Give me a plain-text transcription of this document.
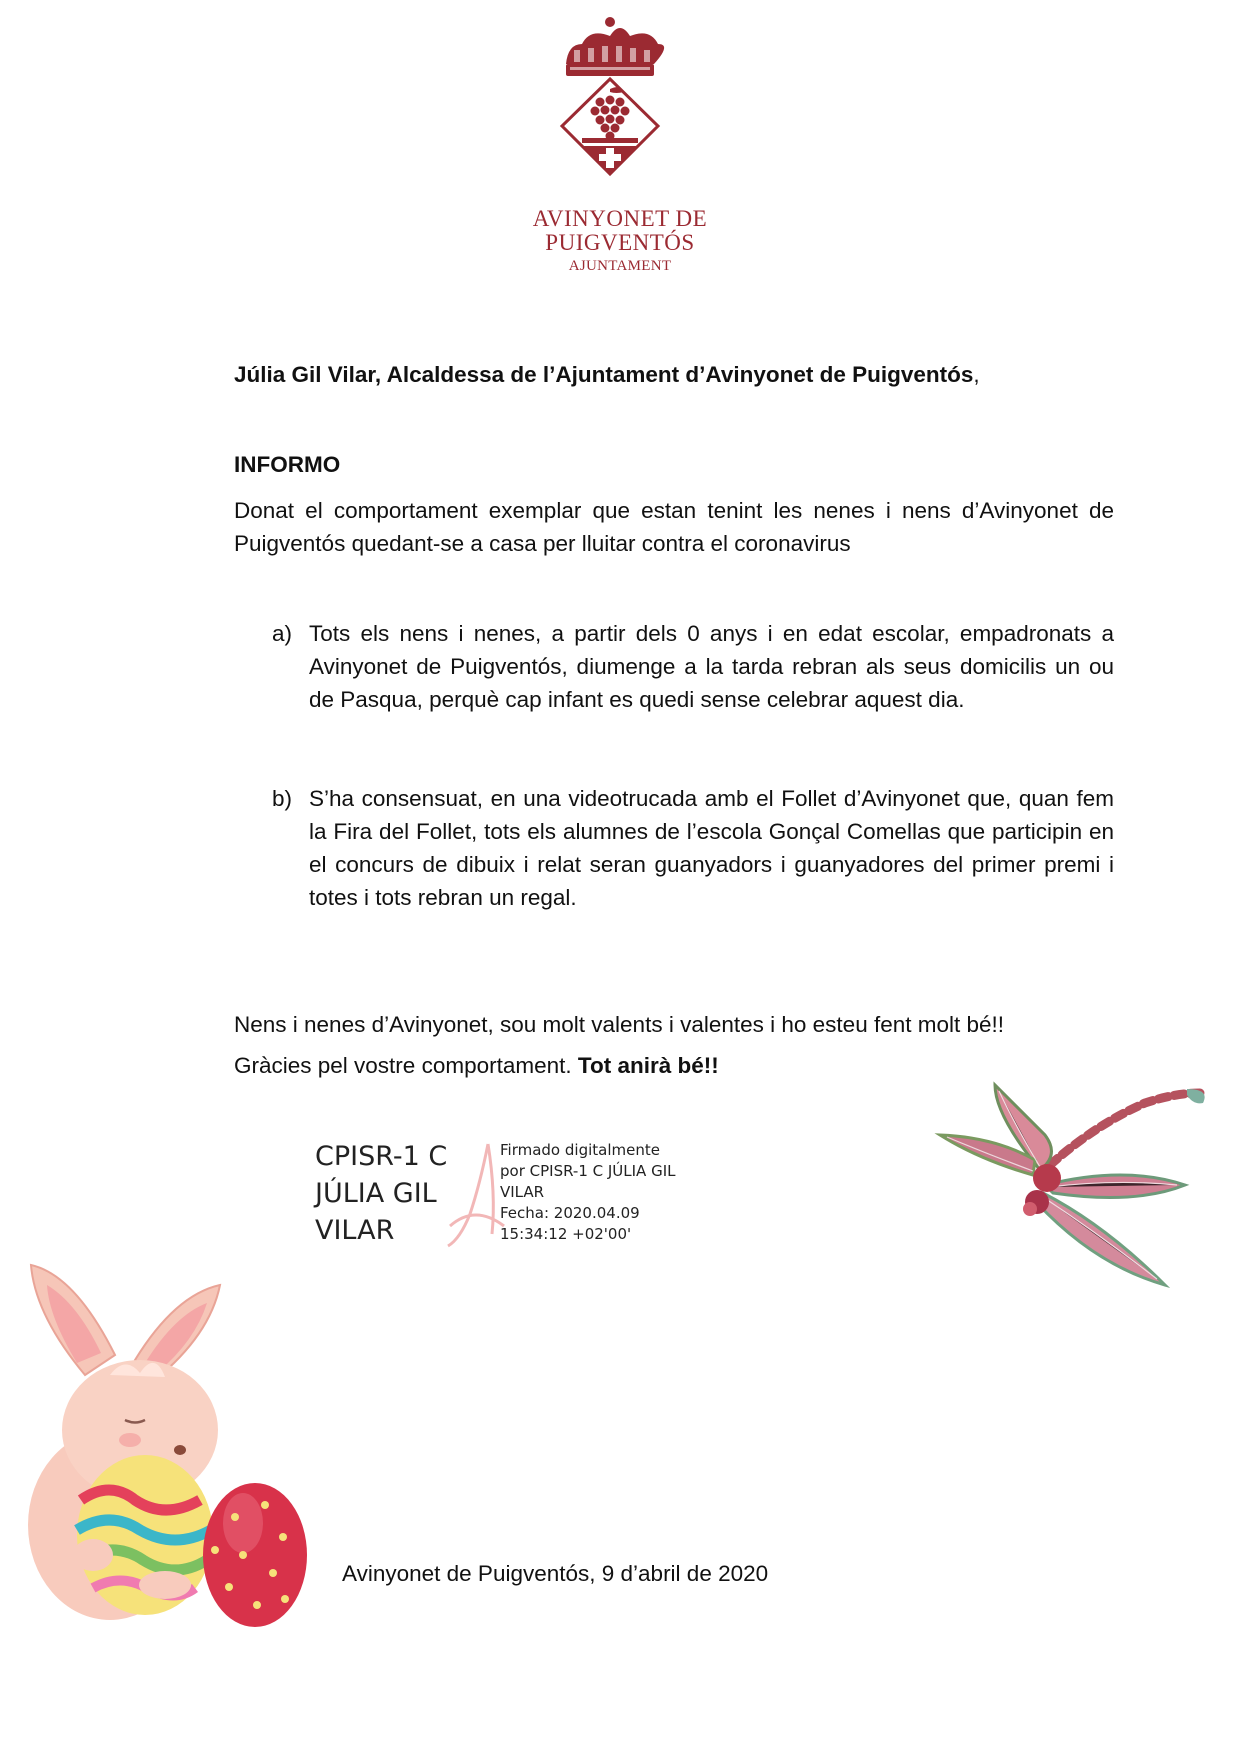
AVINYONET DE
PUIGVENTÓS
AJUNTAMENT
Júlia Gil Vilar, Alcaldessa de l’Ajuntament d’Avinyonet de Puigventós,
INFORMO
Donat el comportament exemplar que estan tenint les nenes i nens d’Avinyonet de Puigventós quedant-se a casa per lluitar contra el coronavirus
a) Tots els nens i nenes, a partir dels 0 anys i en edat escolar, empadronats a Avinyonet de Puigventós, diumenge a la tarda rebran als seus domicilis un ou de Pasqua, perquè cap infant es quedi sense celebrar aquest dia.
b) S’ha consensuat, en una videotrucada amb el Follet d’Avinyonet que, quan fem la Fira del Follet, tots els alumnes de l’escola Gonçal Comellas que participin en el concurs de dibuix i relat seran guanyadors i guanyadores del primer premi i totes i tots rebran un regal.
Nens i nenes d’Avinyonet, sou molt valents i valentes i ho esteu fent molt bé!!
Gràcies pel vostre comportament. Tot anirà bé!!
CPISR-1 C
JÚLIA GIL
VILAR
Firmado digitalmente
por CPISR-1 C JÚLIA GIL
VILAR
Fecha: 2020.04.09
15:34:12 +02'00'
Avinyonet de Puigventós, 9 d’abril de 2020
